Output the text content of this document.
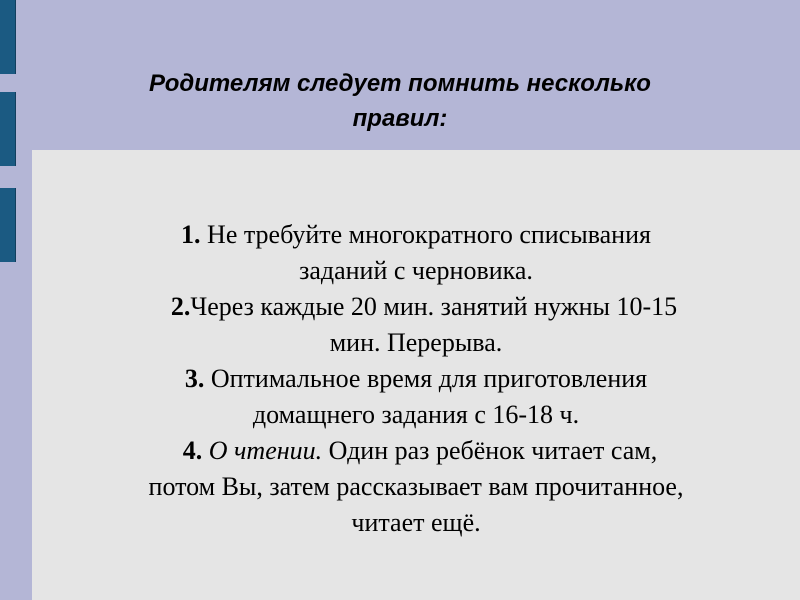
Родителям следует помнить несколько
правил:

1. Не требуйте многократного списывания
заданий с черновика.

2.Через каждые 20 мин. занятий нужны 10-15
мин. Перерыва.

3. Оптимальное время для приготовления
домащнего задания с 16-18 ч.

4. О чтении. Один раз ребёнок читает сам,
потом Вы, затем рассказывает вам прочитанное,
читает ещё.
